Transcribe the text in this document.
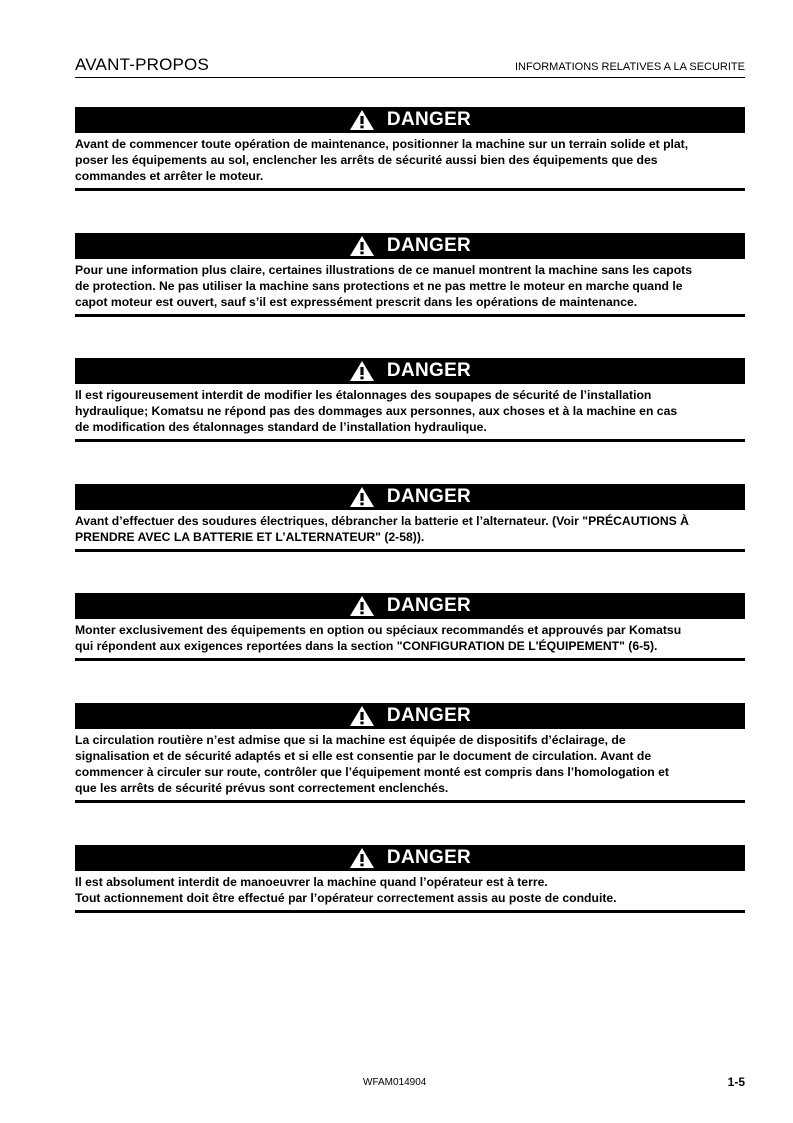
AVANT-PROPOS	INFORMATIONS RELATIVES A LA SECURITE
DANGER
Avant de commencer toute opération de maintenance, positionner la machine sur un terrain solide et plat,
poser les équipements au sol, enclencher les arrêts de sécurité aussi bien des équipements que des
commandes et arrêter le moteur.
DANGER
Pour une information plus claire, certaines illustrations de ce manuel montrent la machine sans les capots
de protection. Ne pas utiliser la machine sans protections et ne pas mettre le moteur en marche quand le
capot moteur est ouvert, sauf s’il est expressément prescrit dans les opérations de maintenance.
DANGER
Il est rigoureusement interdit de modifier les étalonnages des soupapes de sécurité de l’installation
hydraulique; Komatsu ne répond pas des dommages aux personnes, aux choses et à la machine en cas
de modification des étalonnages standard de l’installation hydraulique.
DANGER
Avant d’effectuer des soudures électriques, débrancher la batterie et l’alternateur. (Voir "PRÉCAUTIONS À
PRENDRE AVEC LA BATTERIE ET L’ALTERNATEUR" (2-58)).
DANGER
Monter exclusivement des équipements en option ou spéciaux recommandés et approuvés par Komatsu
qui répondent aux exigences reportées dans la section "CONFIGURATION DE L'ÉQUIPEMENT" (6-5).
DANGER
La circulation routière n’est admise que si la machine est équipée de dispositifs d’éclairage, de
signalisation et de sécurité adaptés et si elle est consentie par le document de circulation. Avant de
commencer à circuler sur route, contrôler que l’équipement monté est compris dans l’homologation et
que les arrêts de sécurité prévus sont correctement enclenchés.
DANGER
Il est absolument interdit de manoeuvrer la machine quand l’opérateur est à terre.
Tout actionnement doit être effectué par l’opérateur correctement assis au poste de conduite.
WFAM014904	1-5
